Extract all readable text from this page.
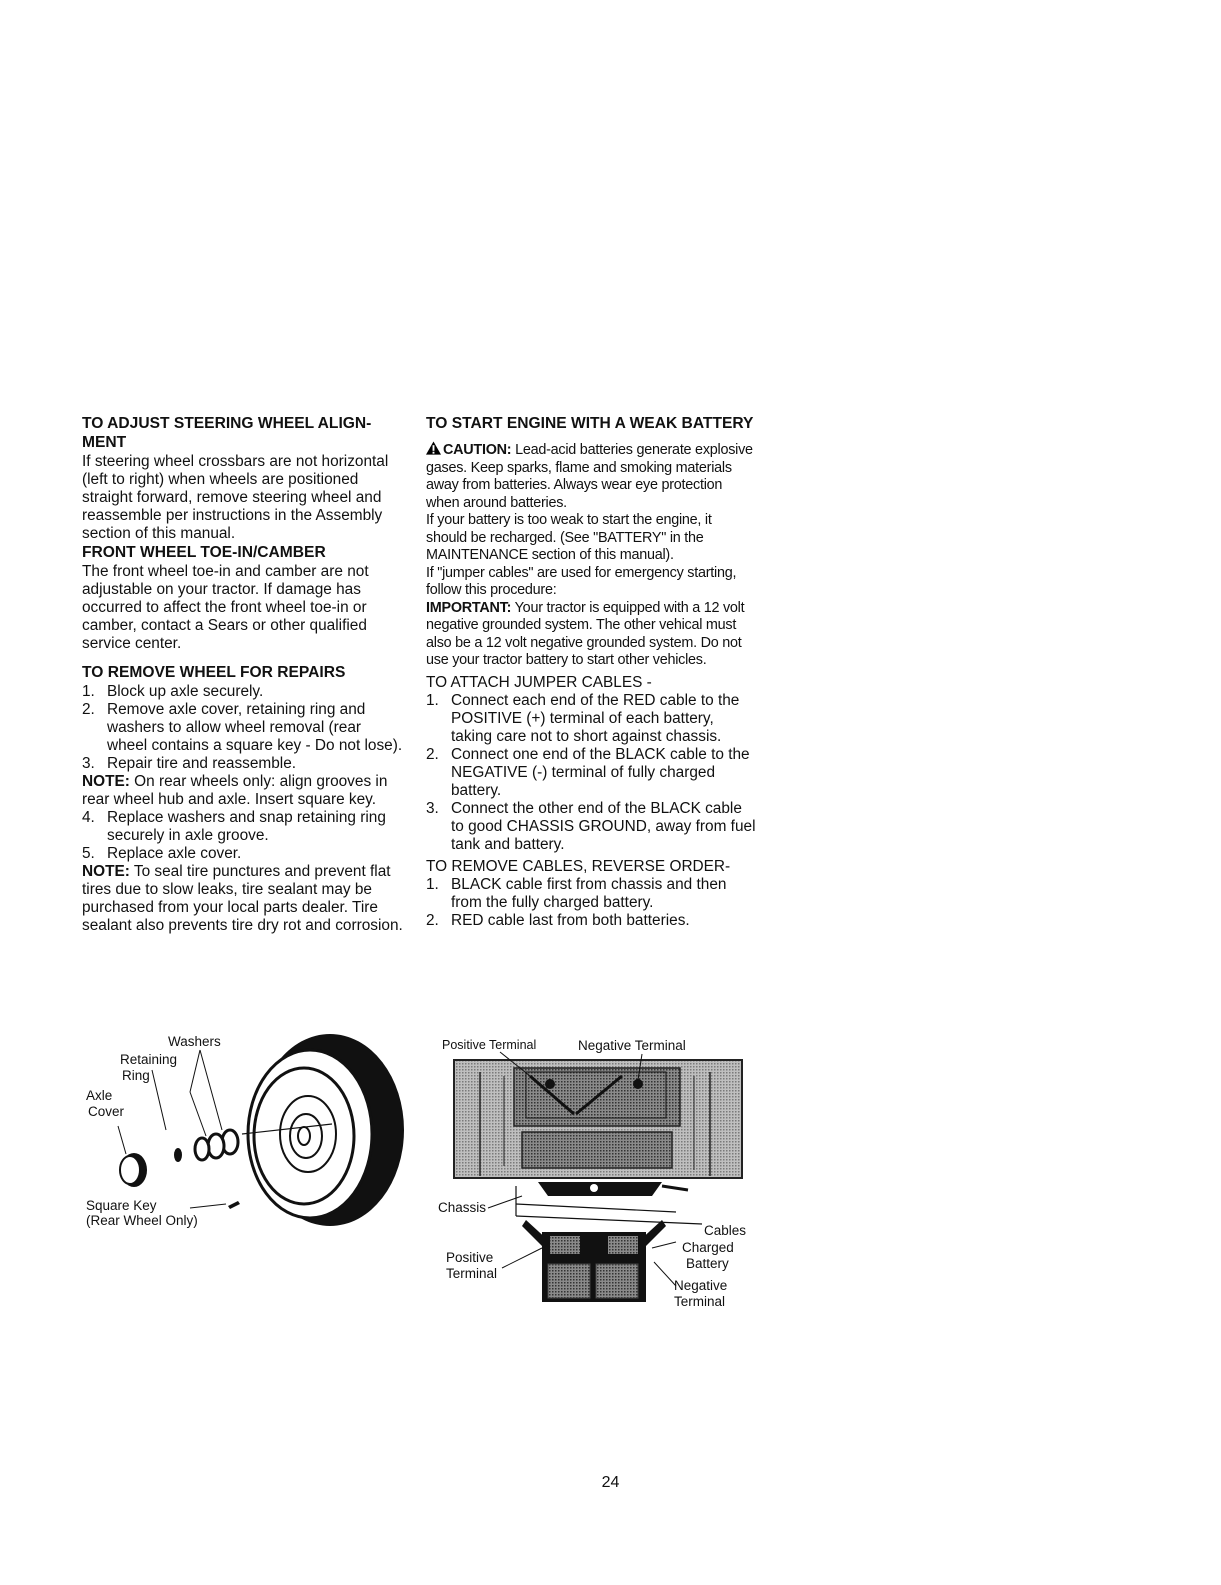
TO ADJUST STEERING WHEEL ALIGN- MENT

If steering wheel crossbars are not horizontal (left to right) when wheels are positioned straight forward, remove steering wheel and reassemble per instructions in the Assembly section of this manual.

FRONT WHEEL TOE-IN/CAMBER

The front wheel toe-in and camber are not adjustable on your tractor. If damage has occurred to affect the front wheel toe-in or camber, contact a Sears or other qualified service center.

TO REMOVE WHEEL FOR REPAIRS
1. Block up axle securely.
2. Remove axle cover, retaining ring and washers to allow wheel removal (rear wheel contains a square key - Do not lose).
3. Repair tire and reassemble.

NOTE: On rear wheels only: align grooves in rear wheel hub and axle. Insert square key.

4. Replace washers and snap retaining ring securely in axle groove.
5. Replace axle cover.

NOTE: To seal tire punctures and prevent flat tires due to slow leaks, tire sealant may be purchased from your local parts dealer. Tire sealant also prevents tire dry rot and corrosion.

TO START ENGINE WITH A WEAK BATTERY

CAUTION: Lead-acid batteries generate explosive gases. Keep sparks, flame and smoking materials away from batteries. Always wear eye protection when around batteries.

If your battery is too weak to start the engine, it should be recharged. (See "BATTERY" in the MAINTENANCE section of this manual).

If "jumper cables" are used for emergency starting, follow this procedure:

IMPORTANT: Your tractor is equipped with a 12 volt negative grounded system. The other vehical must also be a 12 volt negative grounded system. Do not use your tractor battery to start other vehicles.

TO ATTACH JUMPER CABLES -

1. Connect each end of the RED cable to the POSITIVE (+) terminal of each battery, taking care not to short against chassis.
2. Connect one end of the BLACK cable to the NEGATIVE (-) terminal of fully charged battery.
3. Connect the other end of the BLACK cable to good CHASSIS GROUND, away from fuel tank and battery.

TO REMOVE CABLES, REVERSE ORDER-

1. BLACK cable first from chassis and then from the fully charged battery.
2. RED cable last from both batteries.
Washers
Retaining
Ring
Axle
Cover
Square Key
(Rear Wheel Only)
Positive Terminal	Negative Terminal
Chassis
Cables
Charged
Battery
Positive
Terminal
Negative
Terminal
24
